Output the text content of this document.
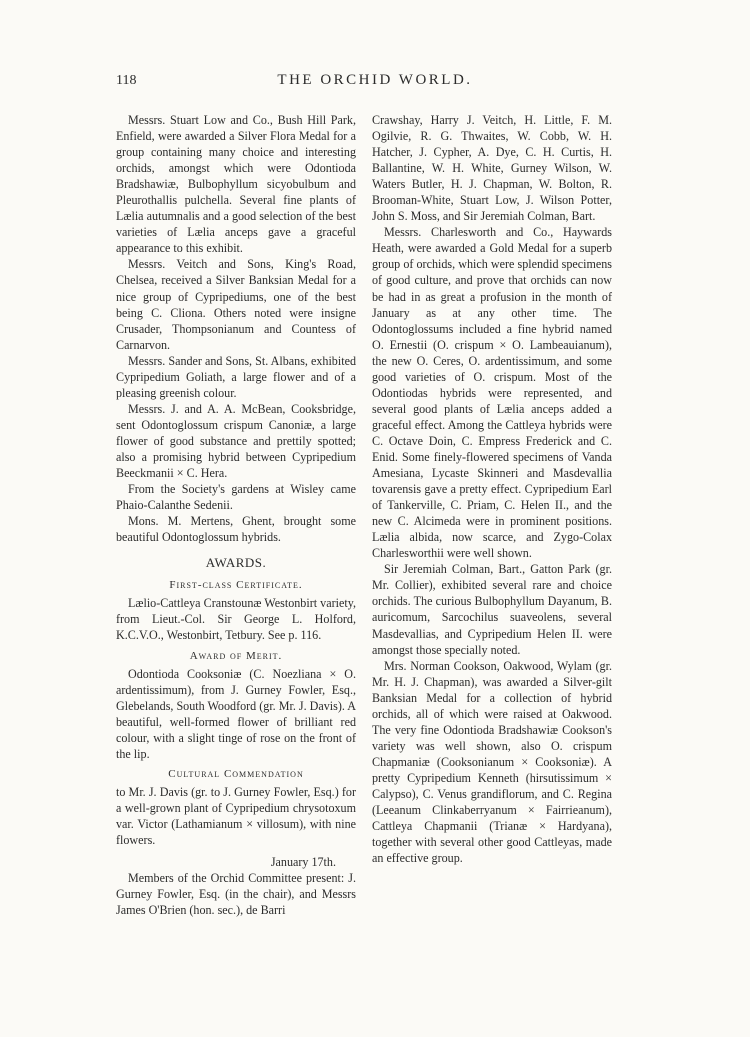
118	THE ORCHID WORLD.

Messrs. Stuart Low and Co., Bush Hill Park, Enfield, were awarded a Silver Flora Medal for a group containing many choice and interesting orchids, amongst which were Odontioda Bradshawiæ, Bulbophyllum sicyobulbum and Pleurothallis pulchella. Several fine plants of Lælia autumnalis and a good selection of the best varieties of Lælia anceps gave a graceful appearance to this exhibit.

Messrs. Veitch and Sons, King's Road, Chelsea, received a Silver Banksian Medal for a nice group of Cypripediums, one of the best being C. Cliona. Others noted were insigne Crusader, Thompsonianum and Countess of Carnarvon.

Messrs. Sander and Sons, St. Albans, exhibited Cypripedium Goliath, a large flower and of a pleasing greenish colour.

Messrs. J. and A. A. McBean, Cooksbridge, sent Odontoglossum crispum Canoniæ, a large flower of good substance and prettily spotted; also a promising hybrid between Cypripedium Beeckmanii × C. Hera.

From the Society's gardens at Wisley came Phaio-Calanthe Sedenii.

Mons. M. Mertens, Ghent, brought some beautiful Odontoglossum hybrids.

AWARDS.
First-class Certificate.

Lælio-Cattleya Cranstounæ Westonbirt variety, from Lieut.-Col. Sir George L. Holford, K.C.V.O., Westonbirt, Tetbury. See p. 116.

Award of Merit.

Odontioda Cooksoniæ (C. Noezliana × O. ardentissimum), from J. Gurney Fowler, Esq., Glebelands, South Woodford (gr. Mr. J. Davis). A beautiful, well-formed flower of brilliant red colour, with a slight tinge of rose on the front of the lip.

Cultural Commendation

to Mr. J. Davis (gr. to J. Gurney Fowler, Esq.) for a well-grown plant of Cypripedium chrysotoxum var. Victor (Lathamianum × villosum), with nine flowers.

January 17th.

Members of the Orchid Committee present: J. Gurney Fowler, Esq. (in the chair), and Messrs James O'Brien (hon. sec.), de Barri

Crawshay, Harry J. Veitch, H. Little, F. M. Ogilvie, R. G. Thwaites, W. Cobb, W. H. Hatcher, J. Cypher, A. Dye, C. H. Curtis, H. Ballantine, W. H. White, Gurney Wilson, W. Waters Butler, H. J. Chapman, W. Bolton, R. Brooman-White, Stuart Low, J. Wilson Potter, John S. Moss, and Sir Jeremiah Colman, Bart.

Messrs. Charlesworth and Co., Haywards Heath, were awarded a Gold Medal for a superb group of orchids, which were splendid specimens of good culture, and prove that orchids can now be had in as great a profusion in the month of January as at any other time. The Odontoglossums included a fine hybrid named O. Ernestii (O. crispum × O. Lambeauianum), the new O. Ceres, O. ardentissimum, and some good varieties of O. crispum. Most of the Odontiodas hybrids were represented, and several good plants of Lælia anceps added a graceful effect. Among the Cattleya hybrids were C. Octave Doin, C. Empress Frederick and C. Enid. Some finely-flowered specimens of Vanda Amesiana, Lycaste Skinneri and Masdevallia tovarensis gave a pretty effect. Cypripedium Earl of Tankerville, C. Priam, C. Helen II., and the new C. Alcimeda were in prominent positions. Lælia albida, now scarce, and Zygo-Colax Charlesworthii were well shown.

Sir Jeremiah Colman, Bart., Gatton Park (gr. Mr. Collier), exhibited several rare and choice orchids. The curious Bulbophyllum Dayanum, B. auricomum, Sarcochilus suaveolens, several Masdevallias, and Cypripedium Helen II. were amongst those specially noted.

Mrs. Norman Cookson, Oakwood, Wylam (gr. Mr. H. J. Chapman), was awarded a Silver-gilt Banksian Medal for a collection of hybrid orchids, all of which were raised at Oakwood. The very fine Odontioda Bradshawiæ Cookson's variety was well shown, also O. crispum Chapmaniæ (Cooksonianum × Cooksoniæ). A pretty Cypripedium Kenneth (hirsutissimum × Calypso), C. Venus grandiflorum, and C. Regina (Leeanum Clinkaberryanum × Fairrieanum), Cattleya Chapmanii (Trianæ × Hardyana), together with several other good Cattleyas, made an effective group.
